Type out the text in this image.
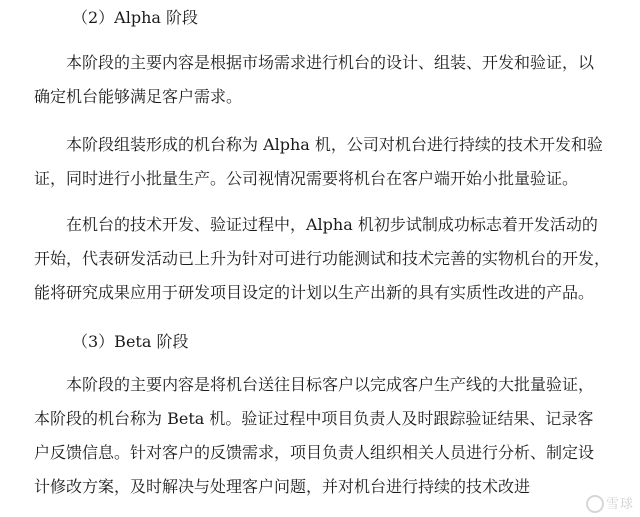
（2）Alpha 阶段
本阶段的主要内容是根据市场需求进行机台的设计、组装、开发和验证，以
确定机台能够满足客户需求。
本阶段组装形成的机台称为 Alpha 机，公司对机台进行持续的技术开发和验
证，同时进行小批量生产。公司视情况需要将机台在客户端开始小批量验证。
在机台的技术开发、验证过程中，Alpha 机初步试制成功标志着开发活动的
开始，代表研发活动已上升为针对可进行功能测试和技术完善的实物机台的开发，
能将研究成果应用于研发项目设定的计划以生产出新的具有实质性改进的产品。
（3）Beta 阶段
本阶段的主要内容是将机台送往目标客户以完成客户生产线的大批量验证，
本阶段的机台称为 Beta 机。验证过程中项目负责人及时跟踪验证结果、记录客
户反馈信息。针对客户的反馈需求，项目负责人组织相关人员进行分析、制定设
计修改方案，及时解决与处理客户问题，并对机台进行持续的技术改进
雪球
